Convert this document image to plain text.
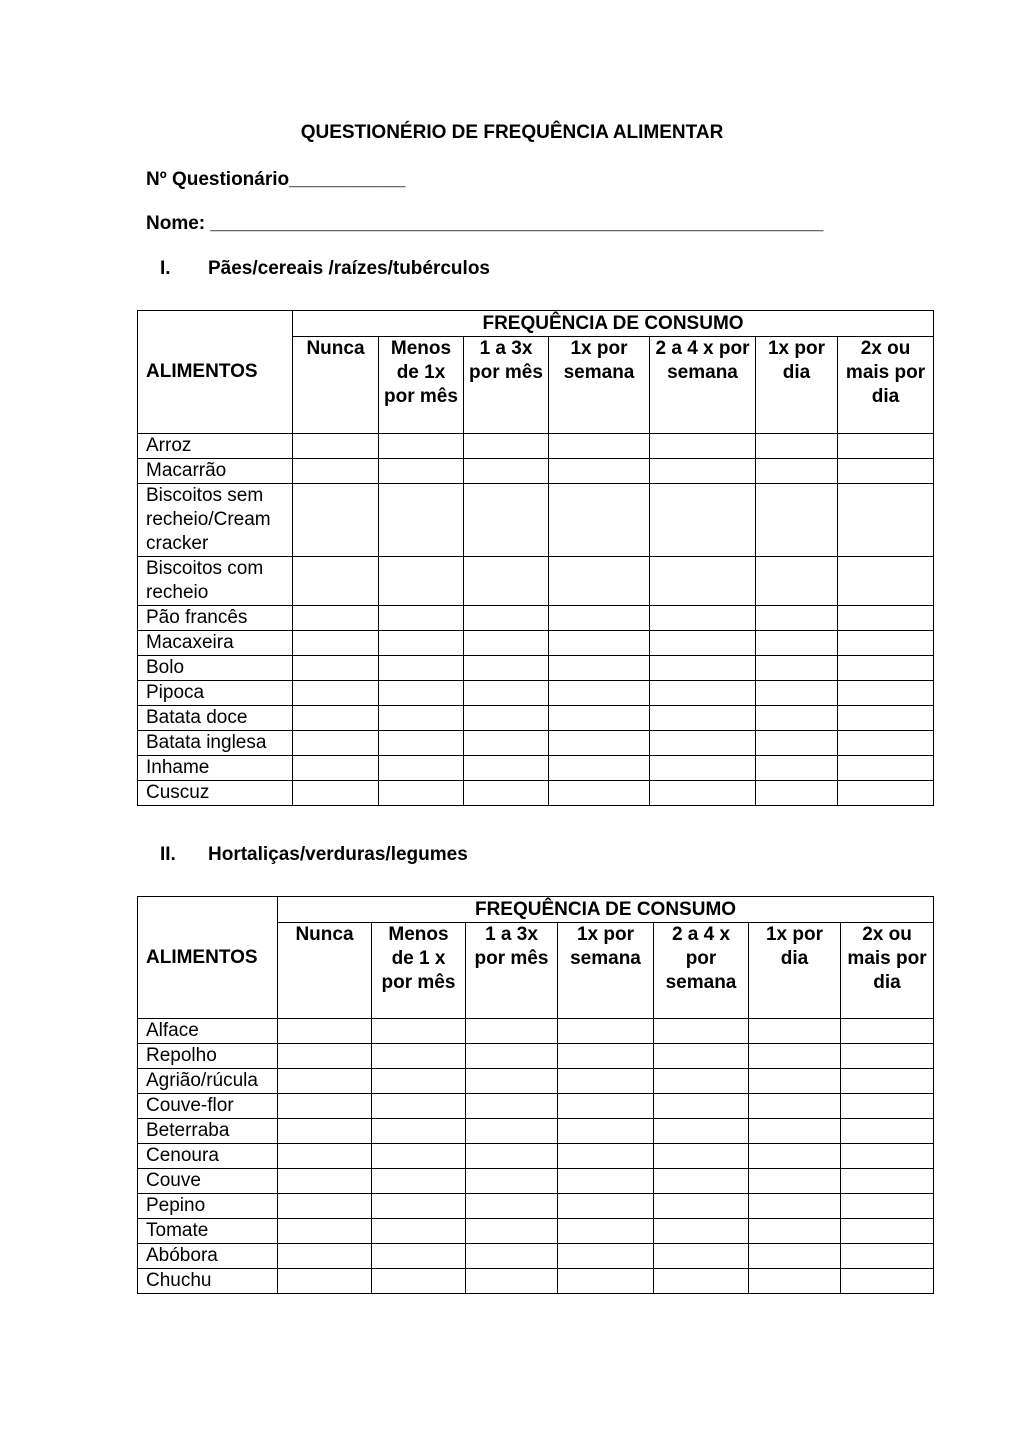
QUESTIONÉRIO DE FREQUÊNCIA ALIMENTAR
Nº Questionário___________
Nome: __________________________________________________________
I. Pães/cereais /raízes/tubérculos
ALIMENTOS	FREQUÊNCIA DE CONSUMO						
	Nunca	Menos de 1x por mês	1 a 3x por mês	1x por semana	2 a 4 x por semana	1x por dia	2x ou mais por dia
Arroz							
Macarrão							
Biscoitos sem recheio/Cream cracker							
Biscoitos com recheio							
Pão francês							
Macaxeira							
Bolo							
Pipoca							
Batata doce							
Batata inglesa							
Inhame							
Cuscuz							
II. Hortaliças/verduras/legumes
ALIMENTOS	FREQUÊNCIA DE CONSUMO						
	Nunca	Menos de 1 x por mês	1 a 3x por mês	1x por semana	2 a 4 x por semana	1x por dia	2x ou mais por dia
Alface							
Repolho							
Agrião/rúcula							
Couve-flor							
Beterraba							
Cenoura							
Couve							
Pepino							
Tomate							
Abóbora							
Chuchu							
